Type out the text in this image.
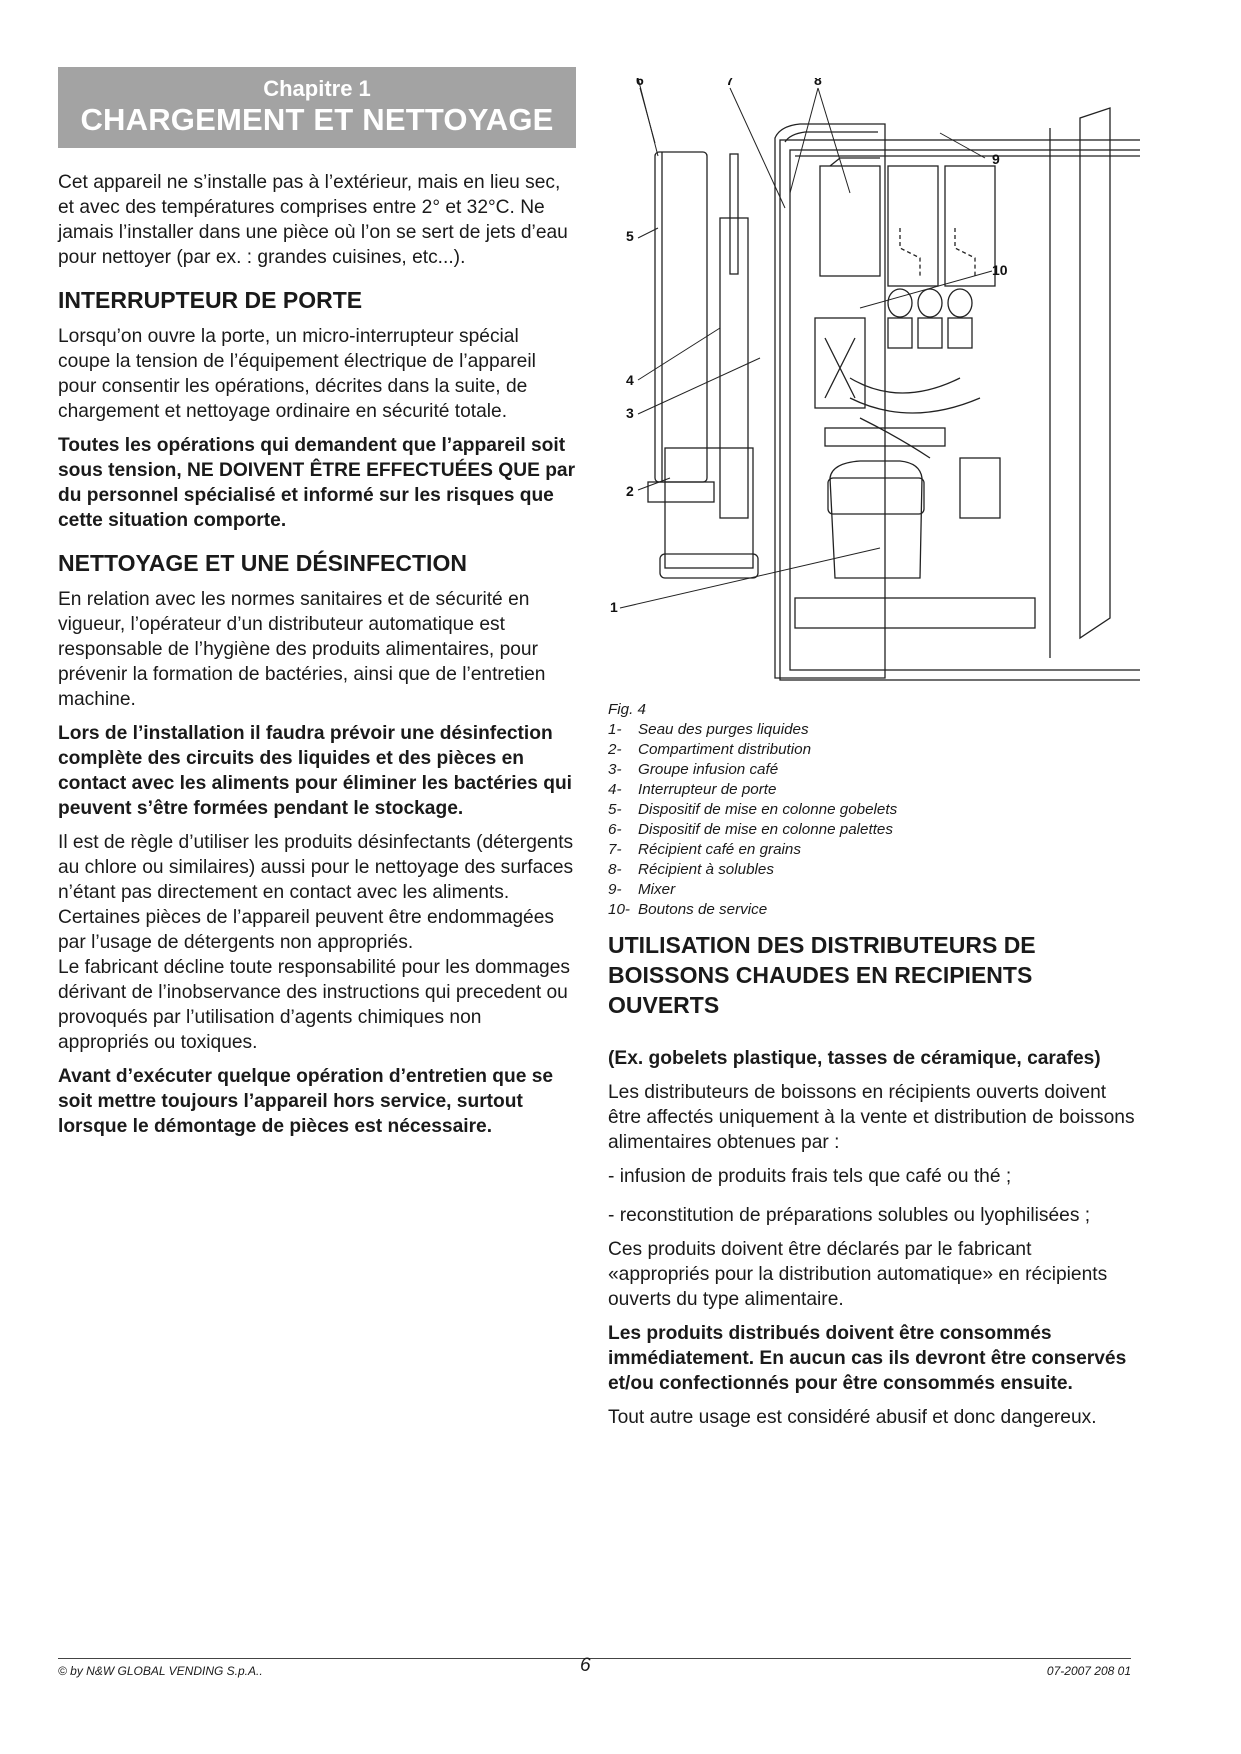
Chapitre 1
CHARGEMENT ET NETTOYAGE

Cet appareil ne s’installe pas à l’extérieur, mais en lieu sec, et avec des températures comprises entre 2° et 32°C. Ne jamais l’installer dans une pièce où l’on se sert de jets d’eau pour nettoyer (par ex. : grandes cuisines, etc...).

INTERRUPTEUR DE PORTE

Lorsqu’on ouvre la porte, un micro-interrupteur spécial coupe la tension de l’équipement électrique de l’appareil pour consentir les opérations, décrites dans la suite, de chargement et nettoyage ordinaire en sécurité totale.

Toutes les opérations qui demandent que l’appareil soit sous tension, NE DOIVENT ÊTRE EFFECTUÉES QUE par du personnel spécialisé et informé sur les risques que cette situation comporte.

NETTOYAGE ET UNE DÉSINFECTION

En relation avec les normes sanitaires et de sécurité en vigueur, l’opérateur d’un distributeur automatique est responsable de l’hygiène des produits alimentaires, pour prévenir la formation de bactéries, ainsi que de l’entretien machine.

Lors de l’installation il faudra prévoir une désinfection complète des circuits des liquides et des pièces en contact avec les aliments pour éliminer les bactéries qui peuvent s’être formées pendant le stockage.

Il est de règle d’utiliser les produits désinfectants (détergents au chlore ou similaires) aussi pour le nettoyage des surfaces n’étant pas directement en contact avec les aliments.

Certaines pièces de l’appareil peuvent être endommagées par l’usage de détergents non appropriés.

Le fabricant décline toute responsabilité pour les dommages dérivant de l’inobservance des instructions qui precedent ou provoqués par l’utilisation d’agents chimiques non appropriés ou toxiques.

Avant d’exécuter quelque opération d’entretien que se soit mettre toujours l’appareil hors service, surtout lorsque le démontage de pièces est nécessaire.

5
4
3
2
1
6	7	8
9
10
Fig. 4
1-	Seau des purges liquides
2-	Compartiment distribution
3-	Groupe infusion café
4-	Interrupteur de porte
5-	Dispositif de mise en colonne gobelets
6-	Dispositif de mise en colonne palettes
7-	Récipient café en grains
8-	Récipient à solubles
9-	Mixer
10- Boutons de service
UTILISATION DES DISTRIBUTEURS DE BOISSONS CHAUDES EN RECIPIENTS OUVERTS

(Ex. gobelets plastique, tasses de céramique, carafes)

Les distributeurs de boissons en récipients ouverts doivent être affectés uniquement à la vente et distribution de boissons alimentaires obtenues par :

- infusion de produits frais tels que café ou thé ;

- reconstitution de préparations solubles ou lyophilisées ;

Ces produits doivent être déclarés par le fabricant «appropriés pour la distribution automatique» en récipients ouverts du type alimentaire.

Les produits distribués doivent être consommés immédiatement. En aucun cas ils devront être conservés et/ou confectionnés pour être consommés ensuite.

Tout autre usage est considéré abusif et donc dangereux.

© by N&W GLOBAL VENDING S.p.A..	6	07-2007 208 01
